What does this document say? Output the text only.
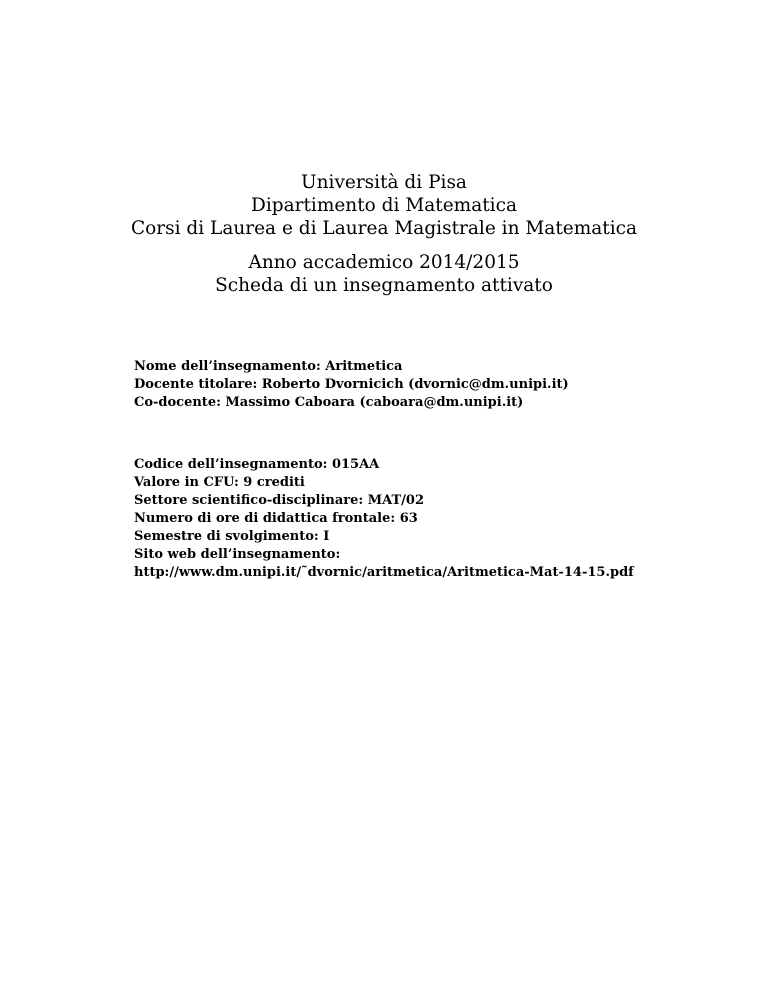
Università di Pisa
Dipartimento di Matematica
Corsi di Laurea e di Laurea Magistrale in Matematica
Anno accademico 2014/2015
Scheda di un insegnamento attivato
Nome dell’insegnamento: Aritmetica
Docente titolare: Roberto Dvornicich (dvornic@dm.unipi.it)
Co-docente: Massimo Caboara (caboara@dm.unipi.it)
Codice dell’insegnamento: 015AA
Valore in CFU: 9 crediti
Settore scientifico-disciplinare: MAT/02
Numero di ore di didattica frontale: 63
Semestre di svolgimento: I
Sito web dell’insegnamento:
http://www.dm.unipi.it/˜dvornic/aritmetica/Aritmetica-Mat-14-15.pdf
